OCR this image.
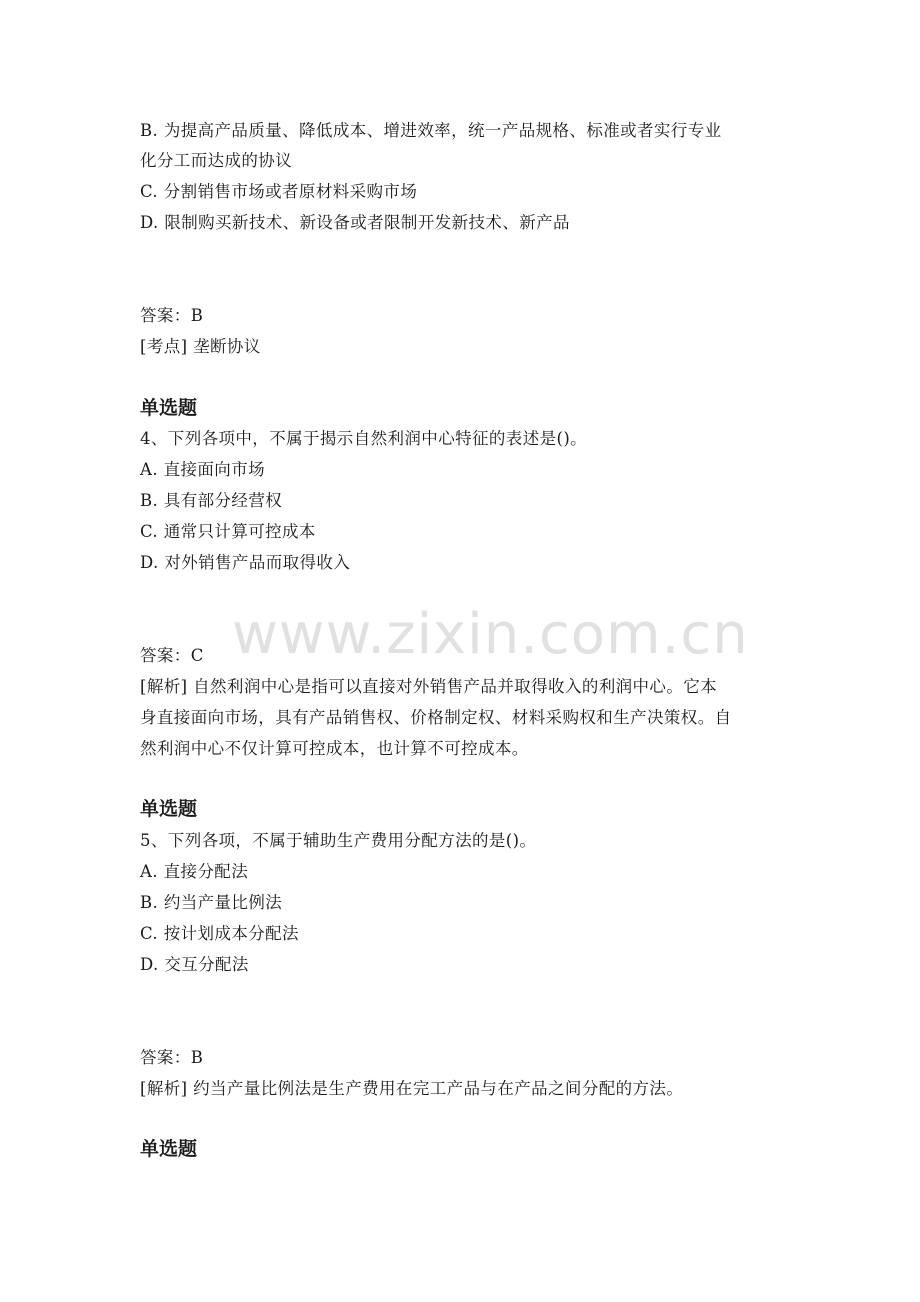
www.zixin.com.cn
B. 为提高产品质量、降低成本、增进效率，统一产品规格、标准或者实行专业
化分工而达成的协议
C. 分割销售市场或者原材料采购市场
D. 限制购买新技术、新设备或者限制开发新技术、新产品
答案：B
[考点] 垄断协议
单选题
4、下列各项中，不属于揭示自然利润中心特征的表述是()。
A. 直接面向市场
B. 具有部分经营权
C. 通常只计算可控成本
D. 对外销售产品而取得收入
答案：C
[解析] 自然利润中心是指可以直接对外销售产品并取得收入的利润中心。它本
身直接面向市场，具有产品销售权、价格制定权、材料采购权和生产决策权。自
然利润中心不仅计算可控成本，也计算不可控成本。
单选题
5、下列各项，不属于辅助生产费用分配方法的是()。
A. 直接分配法
B. 约当产量比例法
C. 按计划成本分配法
D. 交互分配法
答案：B
[解析] 约当产量比例法是生产费用在完工产品与在产品之间分配的方法。
单选题
